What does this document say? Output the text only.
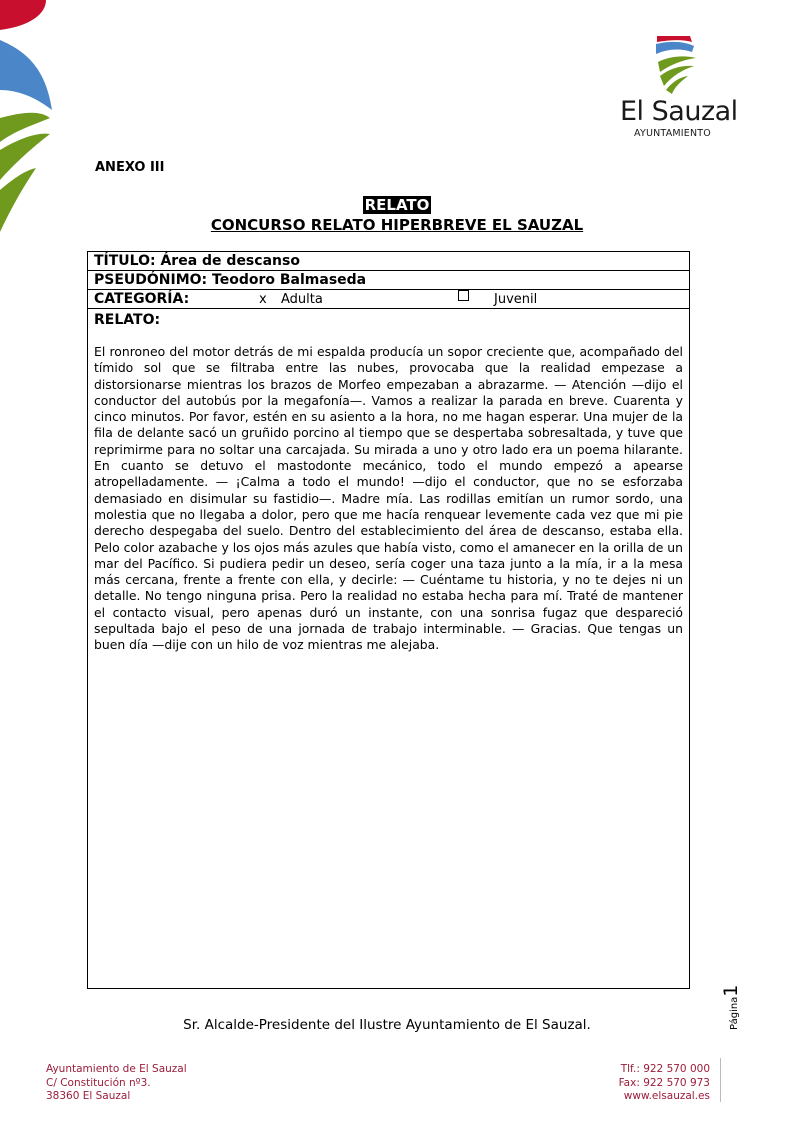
El Sauzal
AYUNTAMIENTO
ANEXO III
RELATO
CONCURSO RELATO HIPERBREVE EL SAUZAL
TÍTULO: Área de descanso
PSEUDÓNIMO: Teodoro Balmaseda
CATEGORÍA:	x Adulta	Juvenil
RELATO:
El ronroneo del motor detrás de mi espalda producía un sopor creciente que, acompañado del tímido sol que se filtraba entre las nubes, provocaba que la realidad empezase a distorsionarse mientras los brazos de Morfeo empezaban a abrazarme. — Atención —dijo el conductor del autobús por la megafonía—. Vamos a realizar la parada en breve. Cuarenta y cinco minutos. Por favor, estén en su asiento a la hora, no me hagan esperar. Una mujer de la fila de delante sacó un gruñido porcino al tiempo que se despertaba sobresaltada, y tuve que reprimirme para no soltar una carcajada. Su mirada a uno y otro lado era un poema hilarante. En cuanto se detuvo el mastodonte mecánico, todo el mundo empezó a apearse atropelladamente. — ¡Calma a todo el mundo! —dijo el conductor, que no se esforzaba demasiado en disimular su fastidio—. Madre mía. Las rodillas emitían un rumor sordo, una molestia que no llegaba a dolor, pero que me hacía renquear levemente cada vez que mi pie derecho despegaba del suelo. Dentro del establecimiento del área de descanso, estaba ella. Pelo color azabache y los ojos más azules que había visto, como el amanecer en la orilla de un mar del Pacífico. Si pudiera pedir un deseo, sería coger una taza junto a la mía, ir a la mesa más cercana, frente a frente con ella, y decirle: — Cuéntame tu historia, y no te dejes ni un detalle. No tengo ninguna prisa. Pero la realidad no estaba hecha para mí. Traté de mantener el contacto visual, pero apenas duró un instante, con una sonrisa fugaz que despareció sepultada bajo el peso de una jornada de trabajo interminable. — Gracias. Que tengas un buen día —dije con un hilo de voz mientras me alejaba.
Sr. Alcalde-Presidente del Ilustre Ayuntamiento de El Sauzal.	Página1
Ayuntamiento de El Sauzal
C/ Constitución nº3.
38360 El Sauzal
Tlf.: 922 570 000
Fax: 922 570 973
www.elsauzal.es
